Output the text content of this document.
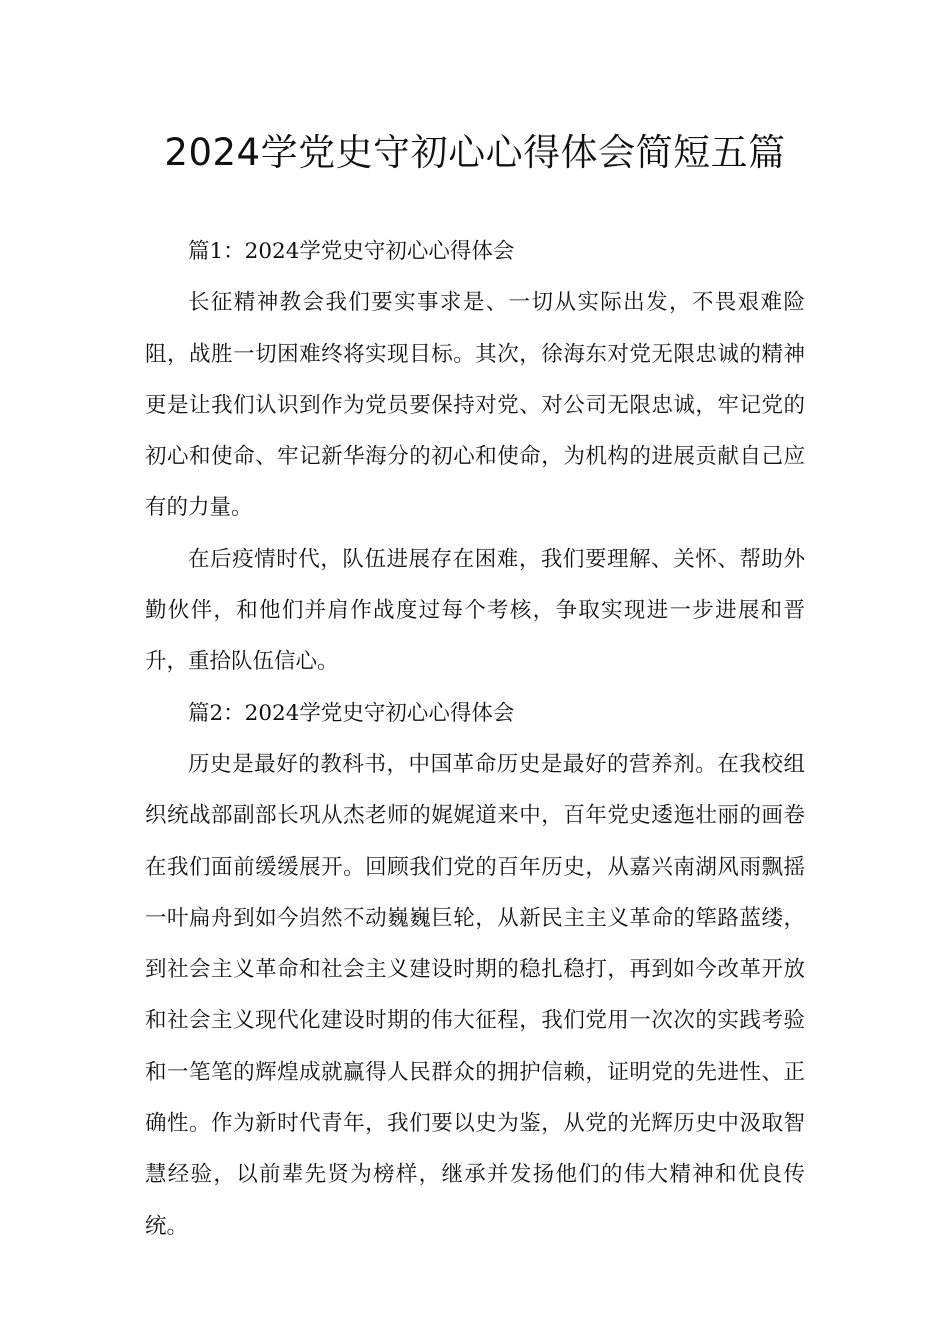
2024学党史守初心心得体会简短五篇

篇1：2024学党史守初心心得体会

长征精神教会我们要实事求是、一切从实际出发，不畏艰难险阻，战胜一切困难终将实现目标。其次，徐海东对党无限忠诚的精神更是让我们认识到作为党员要保持对党、对公司无限忠诚，牢记党的初心和使命、牢记新华海分的初心和使命，为机构的进展贡献自己应有的力量。

在后疫情时代，队伍进展存在困难，我们要理解、关怀、帮助外勤伙伴，和他们并肩作战度过每个考核，争取实现进一步进展和晋升，重拾队伍信心。

篇2：2024学党史守初心心得体会

历史是最好的教科书，中国革命历史是最好的营养剂。在我校组织统战部副部长巩从杰老师的娓娓道来中，百年党史逶迤壮丽的画卷在我们面前缓缓展开。回顾我们党的百年历史，从嘉兴南湖风雨飘摇一叶扁舟到如今岿然不动巍巍巨轮，从新民主主义革命的筚路蓝缕，到社会主义革命和社会主义建设时期的稳扎稳打，再到如今改革开放和社会主义现代化建设时期的伟大征程，我们党用一次次的实践考验和一笔笔的辉煌成就赢得人民群众的拥护信赖，证明党的先进性、正确性。作为新时代青年，我们要以史为鉴，从党的光辉历史中汲取智慧经验，以前辈先贤为榜样，继承并发扬他们的伟大精神和优良传统。
